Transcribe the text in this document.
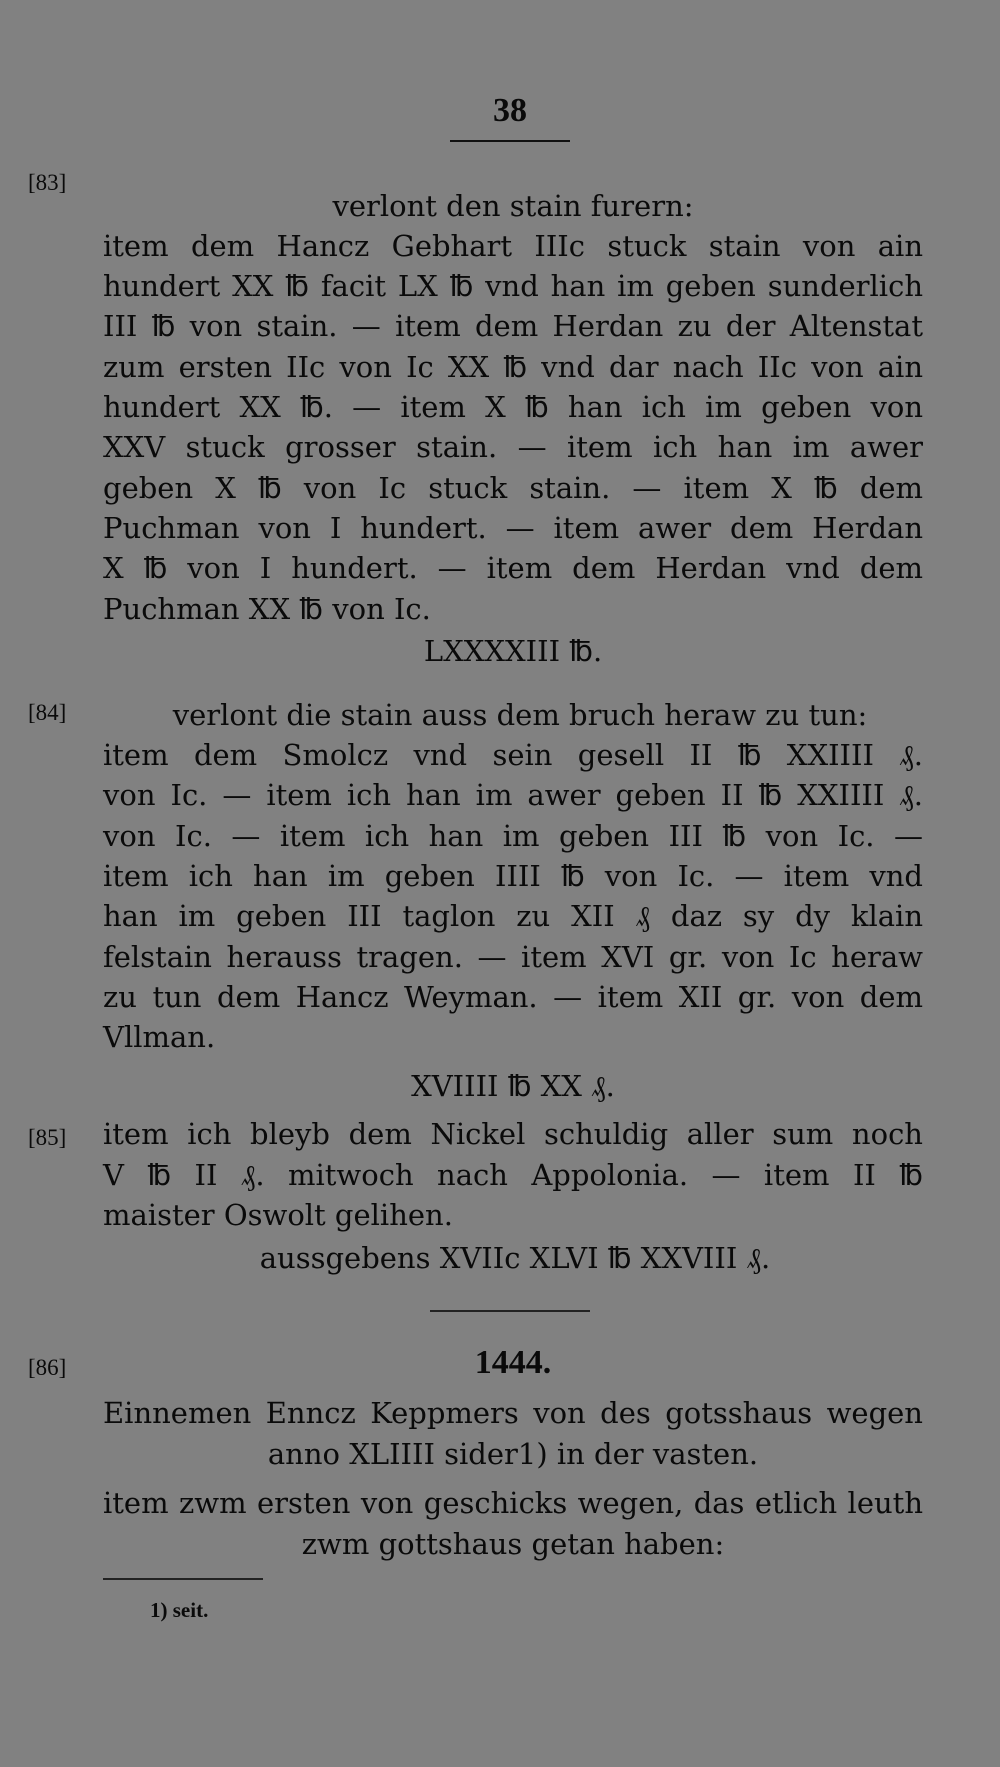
38
[83]
verlont den stain furern:
item dem Hancz Gebhart IIIc stuck stain von ain
hundert XX ℔ facit LX ℔ vnd han im geben sunderlich
III ℔ von stain. — item dem Herdan zu der Altenstat
zum ersten IIc von Ic XX ℔ vnd dar nach IIc von ain
hundert XX ℔. — item X ℔ han ich im geben von
XXV stuck grosser stain. — item ich han im awer
geben X ℔ von Ic stuck stain. — item X ℔ dem
Puchman von I hundert. — item awer dem Herdan
X ℔ von I hundert. — item dem Herdan vnd dem
Puchman XX ℔ von Ic.
LXXXXIII ℔.
[84]	verlont die stain auss dem bruch heraw zu tun:
item dem Smolcz vnd sein gesell II ℔ XXIIII ₰.
von Ic. — item ich han im awer geben II ℔ XXIIII ₰.
von Ic. — item ich han im geben III ℔ von Ic. —
item ich han im geben IIII ℔ von Ic. — item vnd
han im geben III taglon zu XII ₰ daz sy dy klain
felstain herauss tragen. — item XVI gr. von Ic heraw
zu tun dem Hancz Weyman. — item XII gr. von dem
Vllman.
XVIIII ℔ XX ₰.
[85] item ich bleyb dem Nickel schuldig aller sum noch
V ℔ II ₰. mitwoch nach Appolonia. — item II ℔
maister Oswolt gelihen.
aussgebens XVIIc XLVI ℔ XXVIII ₰.
[86]	1444.
Einnemen Enncz Keppmers von des gotsshaus wegen
anno XLIIII sider1) in der vasten.
item zwm ersten von geschicks wegen, das etlich leuth
zwm gottshaus getan haben:
1) seit.
